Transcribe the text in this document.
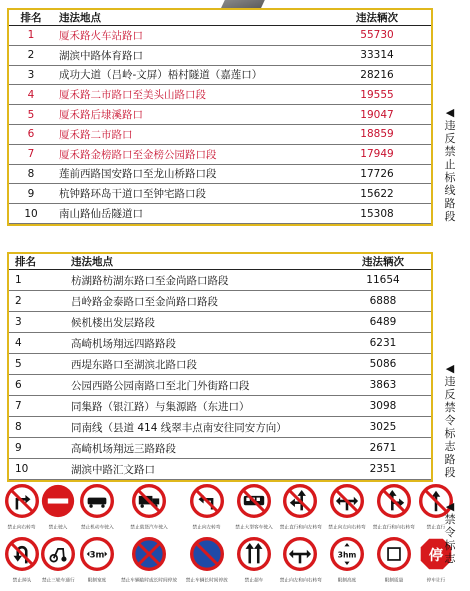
排名	违法地点	违法辆次
1	厦禾路火车站路口	55730
2	湖滨中路体育路口	33314
3	成功大道（吕岭-文屏）梧村隧道（嘉莲口）	28216
4	厦禾路二市路口至美头山路口段	19555
5	厦禾路后埭溪路口	19047
6	厦禾路二市路口	18859
7	厦禾路金榜路口至金榜公园路口段	17949
8	莲前西路国安路口至龙山桥路口段	17726
9	杭钟路环岛干道口至钟宅路口段	15622
10	南山路仙岳隧道口	15308
◀
违
反
禁
止
标
线
路
段

排名	违法地点	违法辆次
1	枋湖路枋湖东路口至金尚路口路段	11654
2	吕岭路金泰路口至金尚路口路段	6888
3	候机楼出发层路段	6489
4	高崎机场翔远四路路段	6231
5	西堤东路口至湖滨北路口段	5086
6	公园西路公园南路口至北门外街路口段	3863
7	同集路（银江路）与集源路（东进口）	3098
8	同南线（县道 414 线翠丰点南安往同安方向）	3025
9	高崎机场翔远三路路段	2671
10	湖滨中路汇文路口	2351
◀
违
反
禁
令
标
志
路
段

禁止向右转弯 禁止驶入 禁止机动车驶入	禁止载货汽车驶入	禁止向左转弯	禁止大型客车驶入 禁止直行和向左转弯 禁止向左向右转弯 禁止直行和向右转弯 禁止直行
禁止掉头 禁止三轮车通行
3m
限制宽度	禁止车辆临时或长时间停放 禁止车辆长时间停放	禁止超车	禁止向左和向右转弯
3hm
限制高度	限制质量
停
停车让行
◀
禁
令
标
志
